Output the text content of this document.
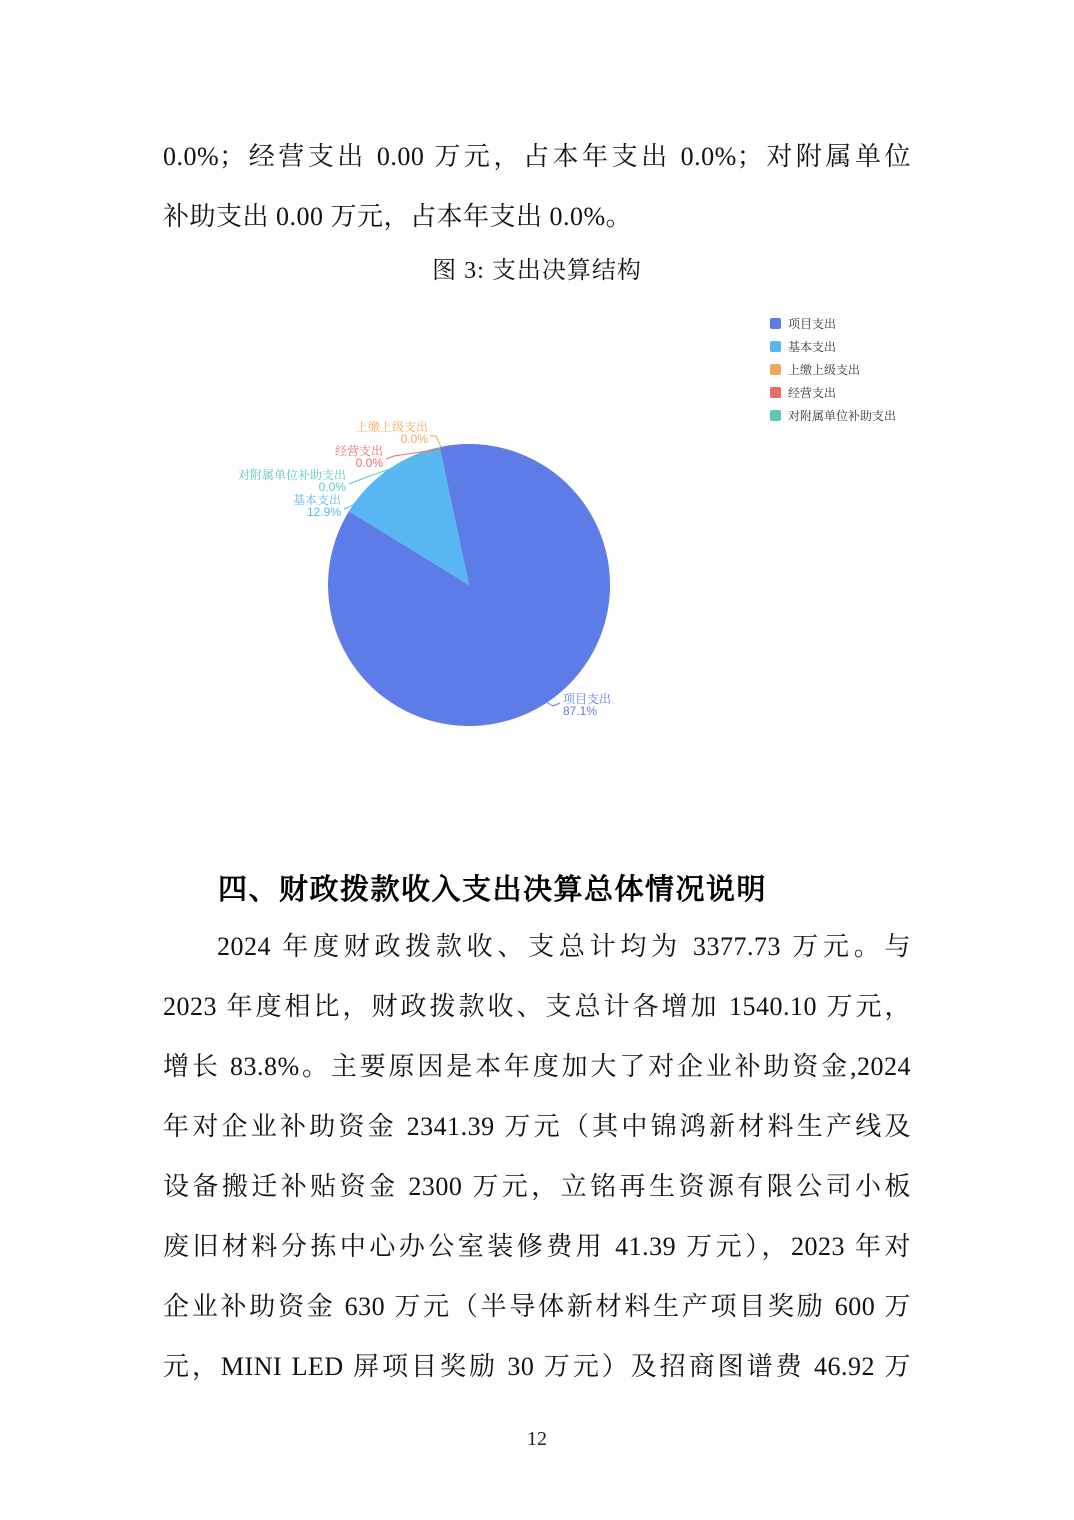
0.0%；经营支出 0.00 万元，占本年支出 0.0%；对附属单位
补助支出 0.00 万元，占本年支出 0.0%。
图 3: 支出决算结构
上缴上级支出
0.0%
经营支出
0.0%
对附属单位补助支出
0.0%
基本支出
12.9%
项目支出
87.1%
项目支出
基本支出
上缴上级支出
经营支出
对附属单位补助支出
四、财政拨款收入支出决算总体情况说明
2024 年度财政拨款收、支总计均为 3377.73 万元。与
2023 年度相比，财政拨款收、支总计各增加 1540.10 万元，
增长 83.8%。主要原因是本年度加大了对企业补助资金,2024
年对企业补助资金 2341.39 万元（其中锦鸿新材料生产线及
设备搬迁补贴资金 2300 万元，立铭再生资源有限公司小板
废旧材料分拣中心办公室装修费用 41.39 万元），2023 年对
企业补助资金 630 万元（半导体新材料生产项目奖励 600 万
元，MINI LED 屏项目奖励 30 万元）及招商图谱费 46.92 万
12
